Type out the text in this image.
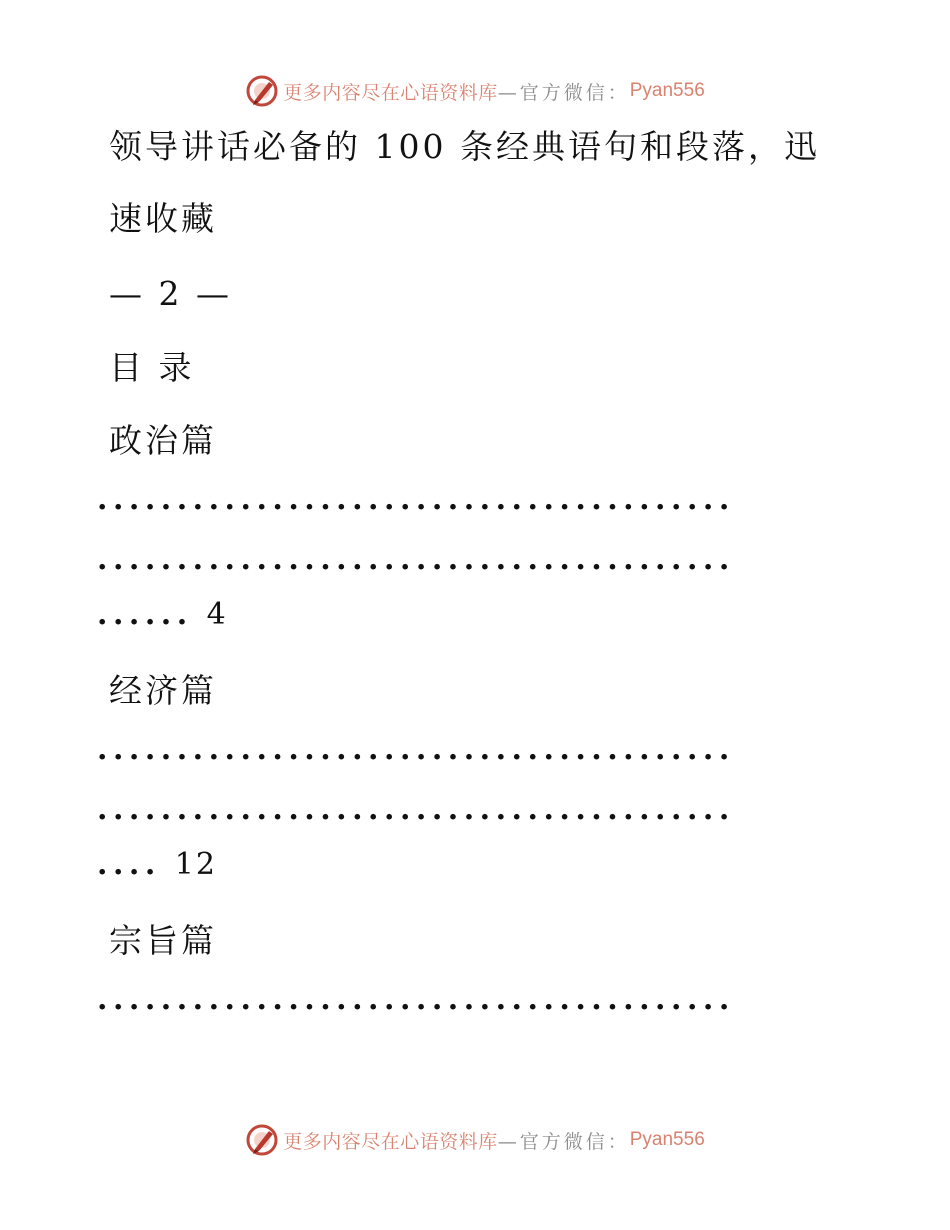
更多内容尽在心语资料库 —官方微信： Pyan556
领导讲话必备的 100 条经典语句和段落，迅
速收藏
— 2 —
目 录
政治篇
........................................
........................................
...... 4
经济篇
........................................
........................................
.... 12
宗旨篇
........................................
更多内容尽在心语资料库 —官方微信： Pyan556
